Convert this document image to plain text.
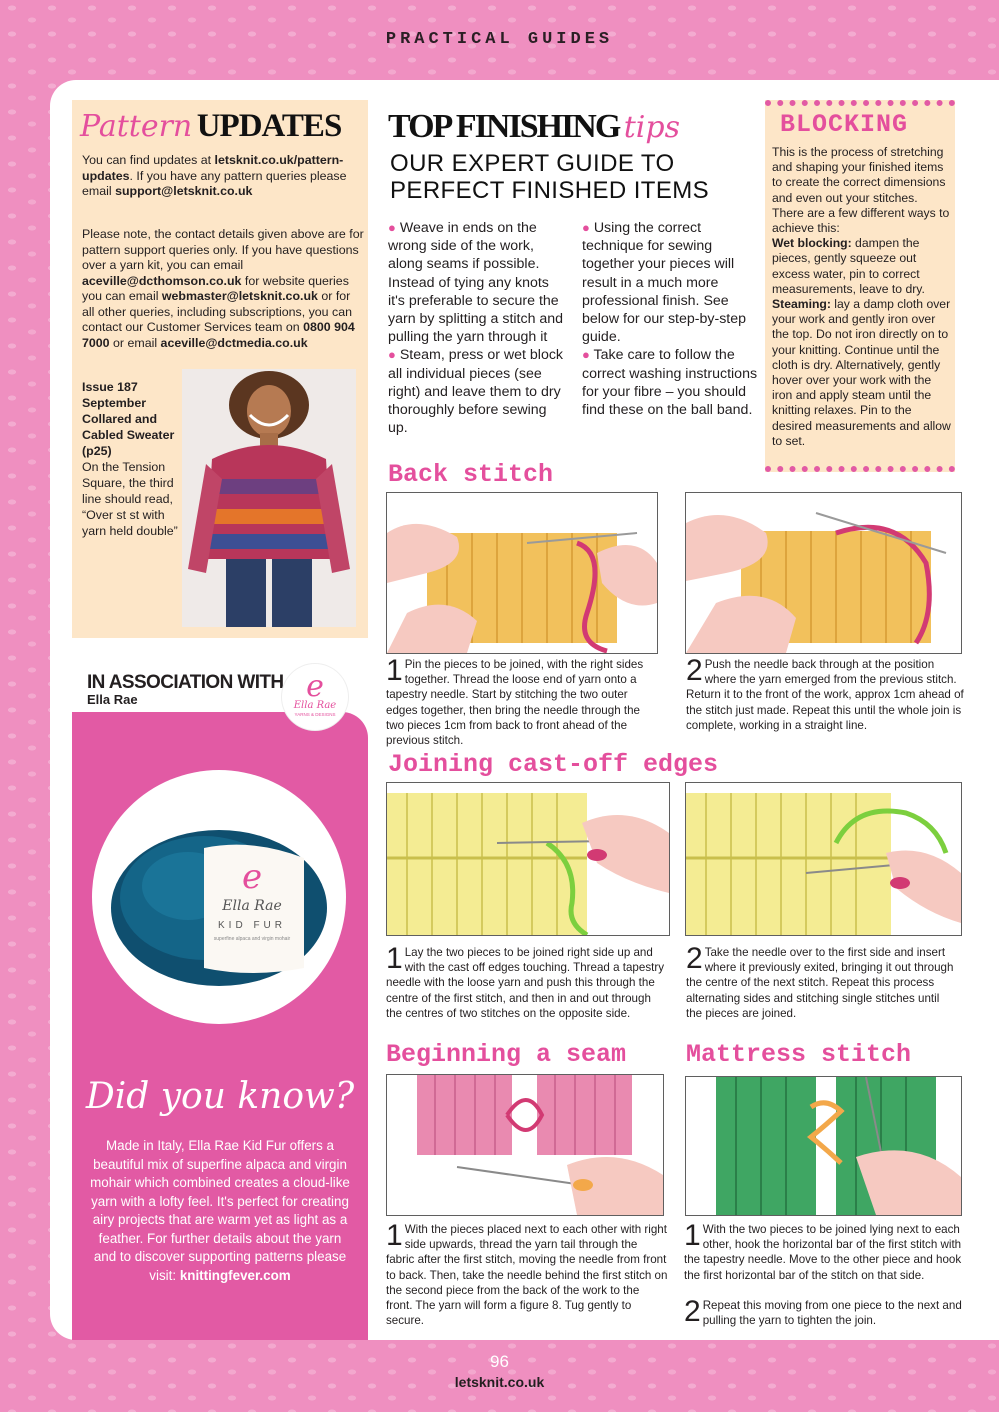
PRACTICAL GUIDES
Pattern UPDATES
You can find updates at letsknit.co.uk/pattern-updates. If you have any pattern queries please email support@letsknit.co.uk
Please note, the contact details given above are for pattern support queries only. If you have questions over a yarn kit, you can email aceville@dcthomson.co.uk for website queries you can email webmaster@letsknit.co.uk or for all other queries, including subscriptions, you can contact our Customer Services team on 0800 904 7000 or email aceville@dctmedia.co.uk
Issue 187 September Collared and Cabled Sweater (p25)
On the Tension Square, the third line should read, “Over st st with yarn held double”
IN ASSOCIATION WITH
Ella Rae	e
Ella Rae
YARNS & DESIGNS
e
Ella Rae
KID FUR
superfine alpaca and virgin mohair
Did you know?
Made in Italy, Ella Rae Kid Fur offers a beautiful mix of superfine alpaca and virgin mohair which combined creates a cloud-like yarn with a lofty feel. It's perfect for creating airy projects that are warm yet as light as a feather. For further details about the yarn and to discover supporting patterns please visit: knittingfever.com
TOP FINISHING tips
OUR EXPERT GUIDE TO
PERFECT FINISHED ITEMS
● Weave in ends on the wrong side of the work, along seams if possible. Instead of tying any knots it's preferable to secure the yarn by splitting a stitch and pulling the yarn through it
● Steam, press or wet block all individual pieces (see right) and leave them to dry thoroughly before sewing up.
● Using the correct technique for sewing together your pieces will result in a much more professional finish. See below for our step-by-step guide.
● Take care to follow the correct washing instructions for your fibre – you should find these on the ball band.
BLOCKING
This is the process of stretching and shaping your finished items to create the correct dimensions and even out your stitches. There are a few different ways to achieve this:
Wet blocking: dampen the pieces, gently squeeze out excess water, pin to correct measurements, leave to dry.
Steaming: lay a damp cloth over your work and gently iron over the top. Do not iron directly on to your knitting. Continue until the cloth is dry. Alternatively, gently hover over your work with the iron and apply steam until the knitting relaxes. Pin to the desired measurements and allow to set.
Back stitch
1 Pin the pieces to be joined, with the right sides together. Thread the loose end of yarn onto a tapestry needle. Start by stitching the two outer edges together, then bring the needle through the two pieces 1cm from back to front ahead of the previous stitch.
2 Push the needle back through at the position where the yarn emerged from the previous stitch. Return it to the front of the work, approx 1cm ahead of the stitch just made. Repeat this until the whole join is complete, working in a straight line.
Joining cast-off edges
1 Lay the two pieces to be joined right side up and with the cast off edges touching. Thread a tapestry needle with the loose yarn and push this through the centre of the first stitch, and then in and out through the centres of two stitches on the opposite side.
2 Take the needle over to the first side and insert where it previously exited, bringing it out through the centre of the next stitch. Repeat this process alternating sides and stitching single stitches until the pieces are joined.
Beginning a seam
1 With the pieces placed next to each other with right side upwards, thread the yarn tail through the fabric after the first stitch, moving the needle from front to back. Then, take the needle behind the first stitch on the second piece from the back of the work to the front. The yarn will form a figure 8. Tug gently to secure.
Mattress stitch
1 With the two pieces to be joined lying next to each other, hook the horizontal bar of the first stitch with the tapestry needle. Move to the other piece and hook the first horizontal bar of the stitch on that side.
2 Repeat this moving from one piece to the next and pulling the yarn to tighten the join.
96
letsknit.co.uk
